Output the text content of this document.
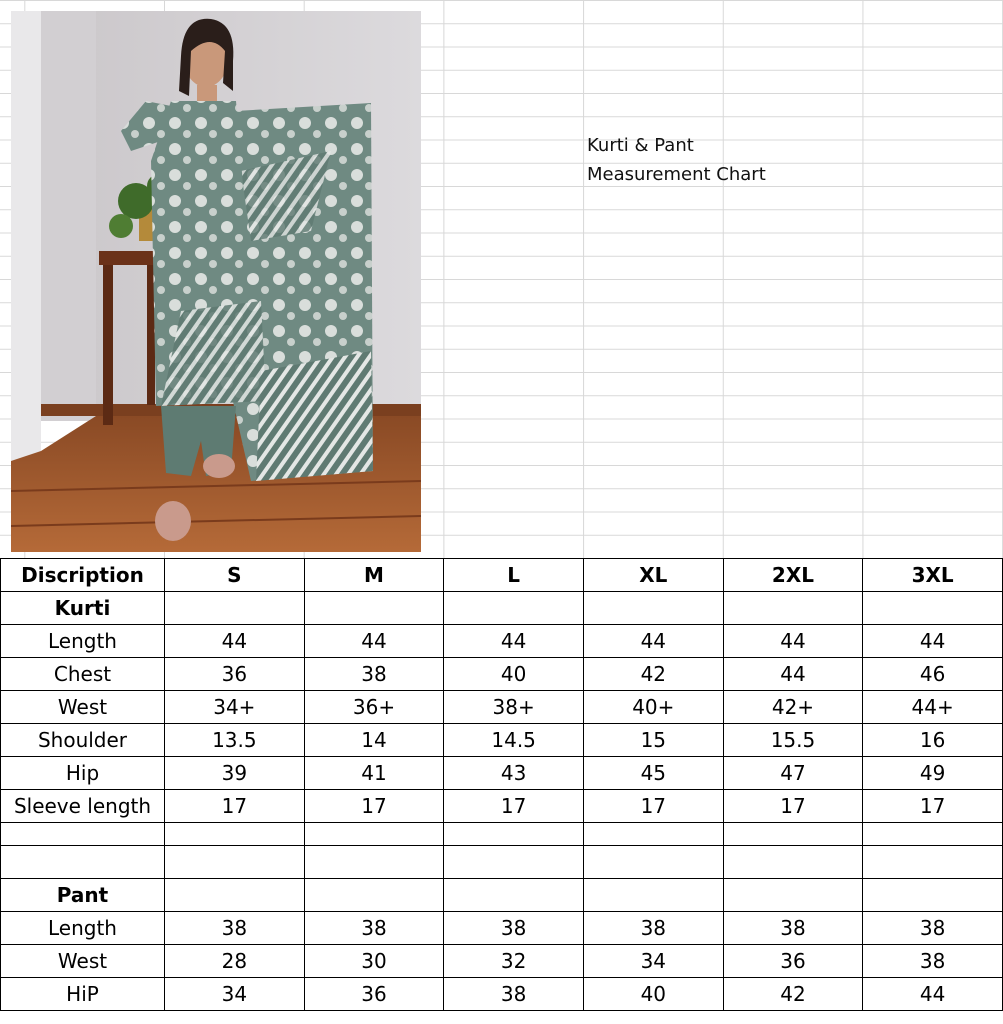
Kurti & Pant
Measurement Chart
Discription	S	M	L	XL	2XL	3XL
Kurti						
Length	44	44	44	44	44	44
Chest	36	38	40	42	44	46
West	34+	36+	38+	40+	42+	44+
Shoulder	13.5	14	14.5	15	15.5	16
Hip	39	41	43	45	47	49
Sleeve length	17	17	17	17	17	17

Pant						
Length	38	38	38	38	38	38
West	28	30	32	34	36	38
HiP	34	36	38	40	42	44
